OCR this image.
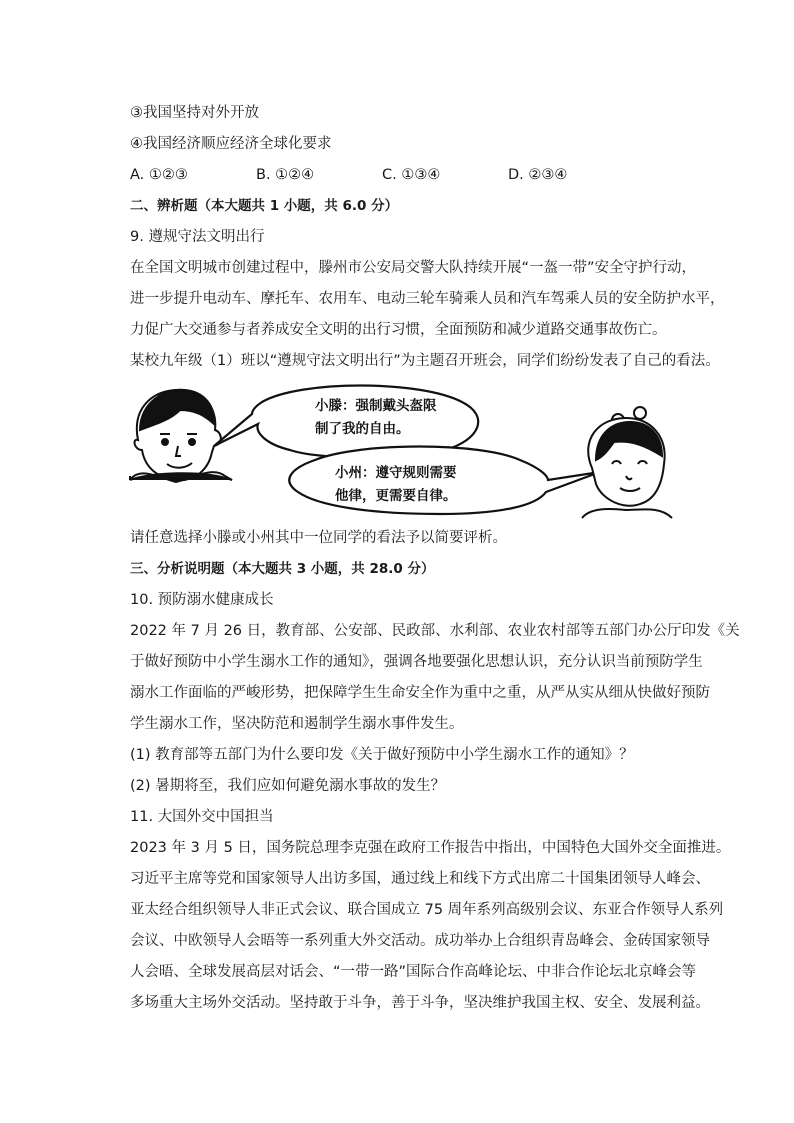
③我国坚持对外开放
④我国经济顺应经济全球化要求
A. ①②③	B. ①②④	C. ①③④	D. ②③④
二、辨析题（本大题共 1 小题，共 6.0 分）
9. 遵规守法文明出行
在全国文明城市创建过程中，滕州市公安局交警大队持续开展“一盔一带”安全守护行动，
进一步提升电动车、摩托车、农用车、电动三轮车骑乘人员和汽车驾乘人员的安全防护水平，
力促广大交通参与者养成安全文明的出行习惯，全面预防和减少道路交通事故伤亡。
某校九年级（1）班以“遵规守法文明出行”为主题召开班会，同学们纷纷发表了自己的看法。
小滕：强制戴头盔限
制了我的自由。
小州：遵守规则需要
他律，更需要自律。
请任意选择小滕或小州其中一位同学的看法予以简要评析。
三、分析说明题（本大题共 3 小题，共 28.0 分）
10. 预防溺水健康成长
2022 年 7 月 26 日，教育部、公安部、民政部、水利部、农业农村部等五部门办公厅印发《关
于做好预防中小学生溺水工作的通知》，强调各地要强化思想认识，充分认识当前预防学生
溺水工作面临的严峻形势，把保障学生生命安全作为重中之重，从严从实从细从快做好预防
学生溺水工作，坚决防范和遏制学生溺水事件发生。
(1) 教育部等五部门为什么要印发《关于做好预防中小学生溺水工作的通知》？
(2) 暑期将至，我们应如何避免溺水事故的发生？
11. 大国外交中国担当
2023 年 3 月 5 日，国务院总理李克强在政府工作报告中指出，中国特色大国外交全面推进。
习近平主席等党和国家领导人出访多国，通过线上和线下方式出席二十国集团领导人峰会、
亚太经合组织领导人非正式会议、联合国成立 75 周年系列高级别会议、东亚合作领导人系列
会议、中欧领导人会晤等一系列重大外交活动。成功举办上合组织青岛峰会、金砖国家领导
人会晤、全球发展高层对话会、“一带一路”国际合作高峰论坛、中非合作论坛北京峰会等
多场重大主场外交活动。坚持敢于斗争，善于斗争，坚决维护我国主权、安全、发展利益。
